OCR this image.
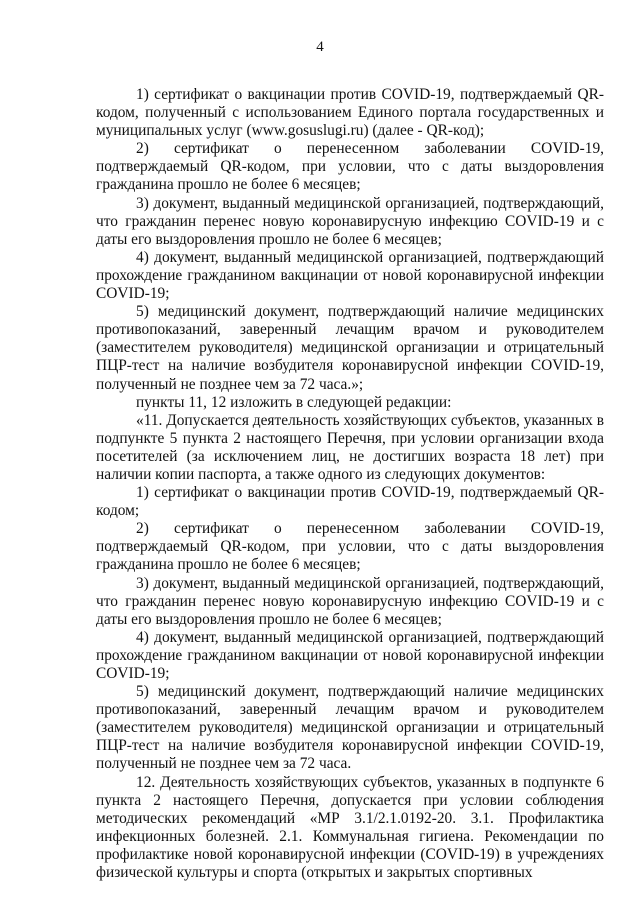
4

1) сертификат о вакцинации против COVID-19, подтверждаемый QR-кодом, полученный с использованием Единого портала государственных и муниципальных услуг (www.gosuslugi.ru) (далее - QR-код);

2) сертификат о перенесенном заболевании COVID-19, подтверждаемый QR-кодом, при условии, что с даты выздоровления гражданина прошло не более 6 месяцев;

3) документ, выданный медицинской организацией, подтверждающий, что гражданин перенес новую коронавирусную инфекцию COVID-19 и с даты его выздоровления прошло не более 6 месяцев;

4) документ, выданный медицинской организацией, подтверждающий прохождение гражданином вакцинации от новой коронавирусной инфекции COVID-19;

5) медицинский документ, подтверждающий наличие медицинских противопоказаний, заверенный лечащим врачом и руководителем (заместителем руководителя) медицинской организации и отрицательный ПЦР-тест на наличие возбудителя коронавирусной инфекции COVID-19, полученный не позднее чем за 72 часа.»;

пункты 11, 12 изложить в следующей редакции:

«11. Допускается деятельность хозяйствующих субъектов, указанных в подпункте 5 пункта 2 настоящего Перечня, при условии организации входа посетителей (за исключением лиц, не достигших возраста 18 лет) при наличии копии паспорта, а также одного из следующих документов:

1) сертификат о вакцинации против COVID-19, подтверждаемый QR-кодом;

2) сертификат о перенесенном заболевании COVID-19, подтверждаемый QR-кодом, при условии, что с даты выздоровления гражданина прошло не более 6 месяцев;

3) документ, выданный медицинской организацией, подтверждающий, что гражданин перенес новую коронавирусную инфекцию COVID-19 и с даты его выздоровления прошло не более 6 месяцев;

4) документ, выданный медицинской организацией, подтверждающий прохождение гражданином вакцинации от новой коронавирусной инфекции COVID-19;

5) медицинский документ, подтверждающий наличие медицинских противопоказаний, заверенный лечащим врачом и руководителем (заместителем руководителя) медицинской организации и отрицательный ПЦР-тест на наличие возбудителя коронавирусной инфекции COVID-19, полученный не позднее чем за 72 часа.

12. Деятельность хозяйствующих субъектов, указанных в подпункте 6 пункта 2 настоящего Перечня, допускается при условии соблюдения методических рекомендаций «МР 3.1/2.1.0192-20. 3.1. Профилактика инфекционных болезней. 2.1. Коммунальная гигиена. Рекомендации по профилактике новой коронавирусной инфекции (COVID-19) в учреждениях физической культуры и спорта (открытых и закрытых спортивных
